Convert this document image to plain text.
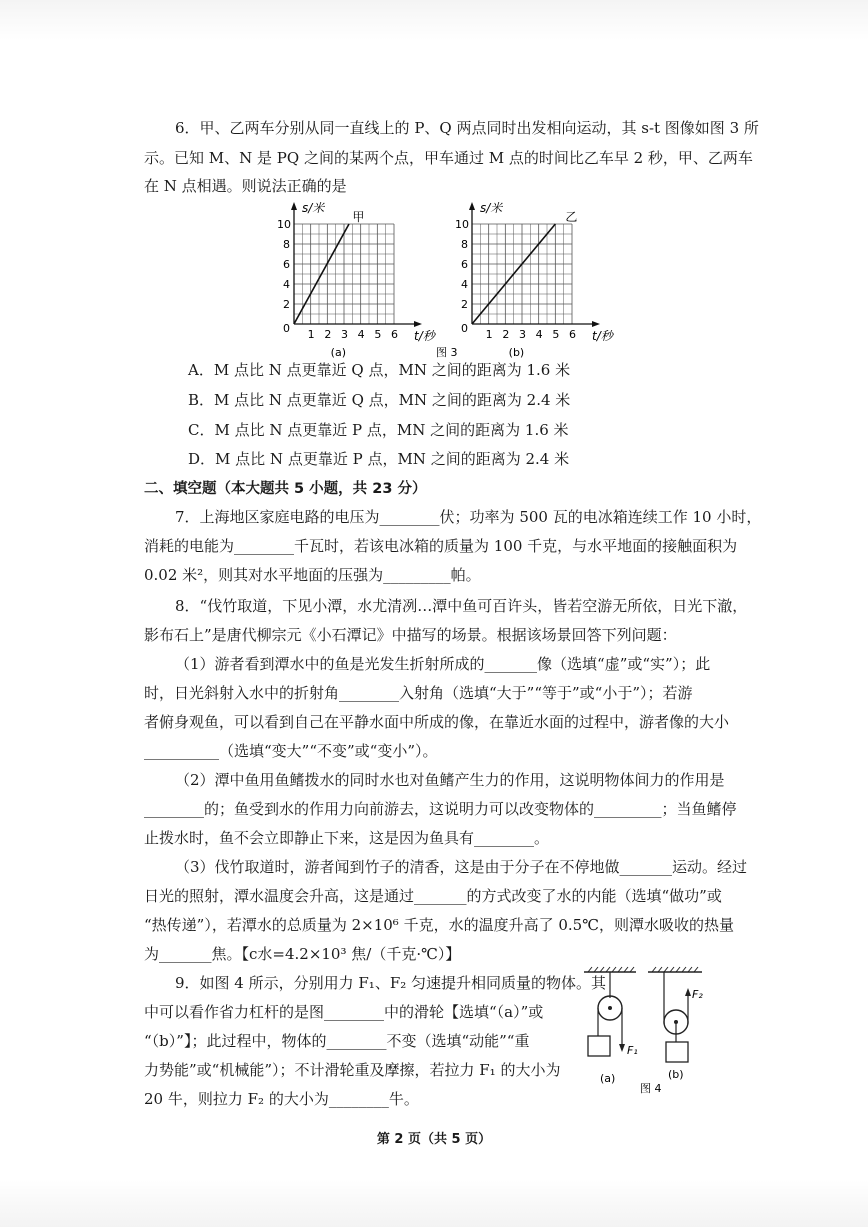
6．甲、乙两车分别从同一直线上的 P、Q 两点同时出发相向运动，其 s-t 图像如图 3 所
示。已知 M、N 是 PQ 之间的某两个点，甲车通过 M 点的时间比乙车早 2 秒，甲、乙两车
在 N 点相遇。则说法正确的是
1 2 3 4 5 6
2
4
6
8
10
0
t/秒
s/米
甲
(a)
1 2 3 4 5 6
2
4
6
8
10
0
t/秒
s/米
乙
(b)
图 3
A．M 点比 N 点更靠近 Q 点，MN 之间的距离为 1.6 米
B．M 点比 N 点更靠近 Q 点，MN 之间的距离为 2.4 米
C．M 点比 N 点更靠近 P 点，MN 之间的距离为 1.6 米
D．M 点比 N 点更靠近 P 点，MN 之间的距离为 2.4 米
二、填空题（本大题共 5 小题，共 23 分）
7．上海地区家庭电路的电压为________伏；功率为 500 瓦的电冰箱连续工作 10 小时，
消耗的电能为________千瓦时，若该电冰箱的质量为 100 千克，与水平地面的接触面积为
0.02 米²，则其对水平地面的压强为_________帕。
8．“伐竹取道，下见小潭，水尤清冽…潭中鱼可百许头，皆若空游无所依，日光下澈，
影布石上”是唐代柳宗元《小石潭记》中描写的场景。根据该场景回答下列问题：
（1）游者看到潭水中的鱼是光发生折射所成的_______像（选填“虚”或“实”）；此
时，日光斜射入水中的折射角________入射角（选填“大于”“等于”或“小于”）；若游
者俯身观鱼，可以看到自己在平静水面中所成的像，在靠近水面的过程中，游者像的大小
__________（选填“变大”“不变”或“变小”）。
（2）潭中鱼用鱼鳍拨水的同时水也对鱼鳍产生力的作用，这说明物体间力的作用是
________的；鱼受到水的作用力向前游去，这说明力可以改变物体的_________；当鱼鳍停
止拨水时，鱼不会立即静止下来，这是因为鱼具有________。
（3）伐竹取道时，游者闻到竹子的清香，这是由于分子在不停地做_______运动。经过
日光的照射，潭水温度会升高，这是通过_______的方式改变了水的内能（选填“做功”或
“热传递”），若潭水的总质量为 2×10⁶ 千克，水的温度升高了 0.5℃，则潭水吸收的热量
为_______焦。【c水=4.2×10³ 焦/（千克·℃）】
9．如图 4 所示，分别用力 F₁、F₂ 匀速提升相同质量的物体。其
中可以看作省力杠杆的是图________中的滑轮【选填“（a）”或
“（b）”】；此过程中，物体的________不变（选填“动能”“重
力势能”或“机械能”）；不计滑轮重及摩擦，若拉力 F₁ 的大小为
20 牛，则拉力 F₂ 的大小为________牛。
F₁
(a)
F₂
(b)
图 4
第 2 页（共 5 页）
